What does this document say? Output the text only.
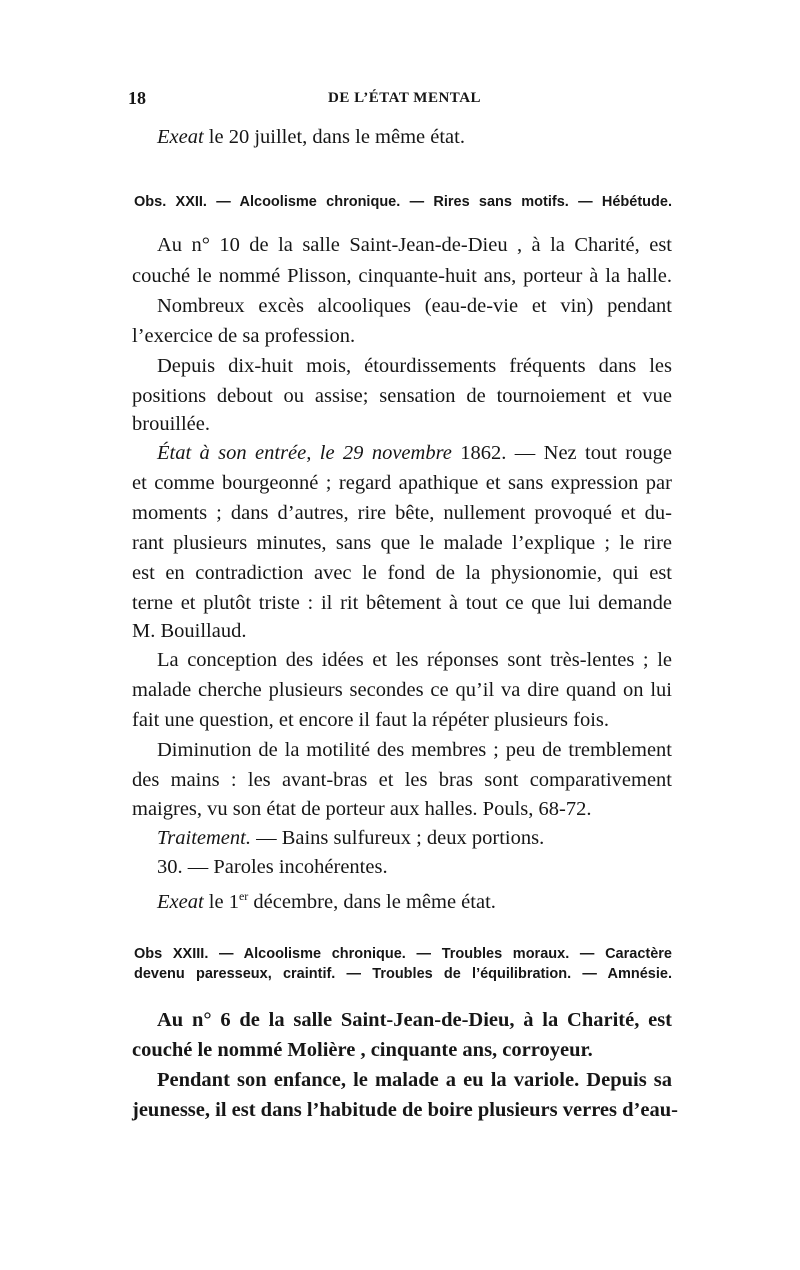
18	DE L’ÉTAT MENTAL
Exeat le 20 juillet, dans le même état.
Obs. XXII. — Alcoolisme chronique. — Rires sans motifs. — Hébétude.
Au n° 10 de la salle Saint-Jean-de-Dieu , à la Charité, est
couché le nommé Plisson, cinquante-huit ans, porteur à la halle.
Nombreux excès alcooliques (eau-de-vie et vin) pendant
l’exercice de sa profession.
Depuis dix-huit mois, étourdissements fréquents dans les
positions debout ou assise; sensation de tournoiement et vue
brouillée.
État à son entrée, le 29 novembre 1862. — Nez tout rouge
et comme bourgeonné ; regard apathique et sans expression par
moments ; dans d’autres, rire bête, nullement provoqué et du-
rant plusieurs minutes, sans que le malade l’explique ; le rire
est en contradiction avec le fond de la physionomie, qui est
terne et plutôt triste : il rit bêtement à tout ce que lui demande
M. Bouillaud.
La conception des idées et les réponses sont très-lentes ; le
malade cherche plusieurs secondes ce qu’il va dire quand on lui
fait une question, et encore il faut la répéter plusieurs fois.
Diminution de la motilité des membres ; peu de tremblement
des mains : les avant-bras et les bras sont comparativement
maigres, vu son état de porteur aux halles. Pouls, 68-72.
Traitement. — Bains sulfureux ; deux portions.
30. — Paroles incohérentes.
Exeat le 1er décembre, dans le même état.
Obs XXIII. — Alcoolisme chronique. — Troubles moraux. — Caractère
devenu paresseux, craintif. — Troubles de l’équilibration. — Amnésie.
Au n° 6 de la salle Saint-Jean-de-Dieu, à la Charité, est
couché le nommé Molière , cinquante ans, corroyeur.
Pendant son enfance, le malade a eu la variole. Depuis sa
jeunesse, il est dans l’habitude de boire plusieurs verres d’eau-
